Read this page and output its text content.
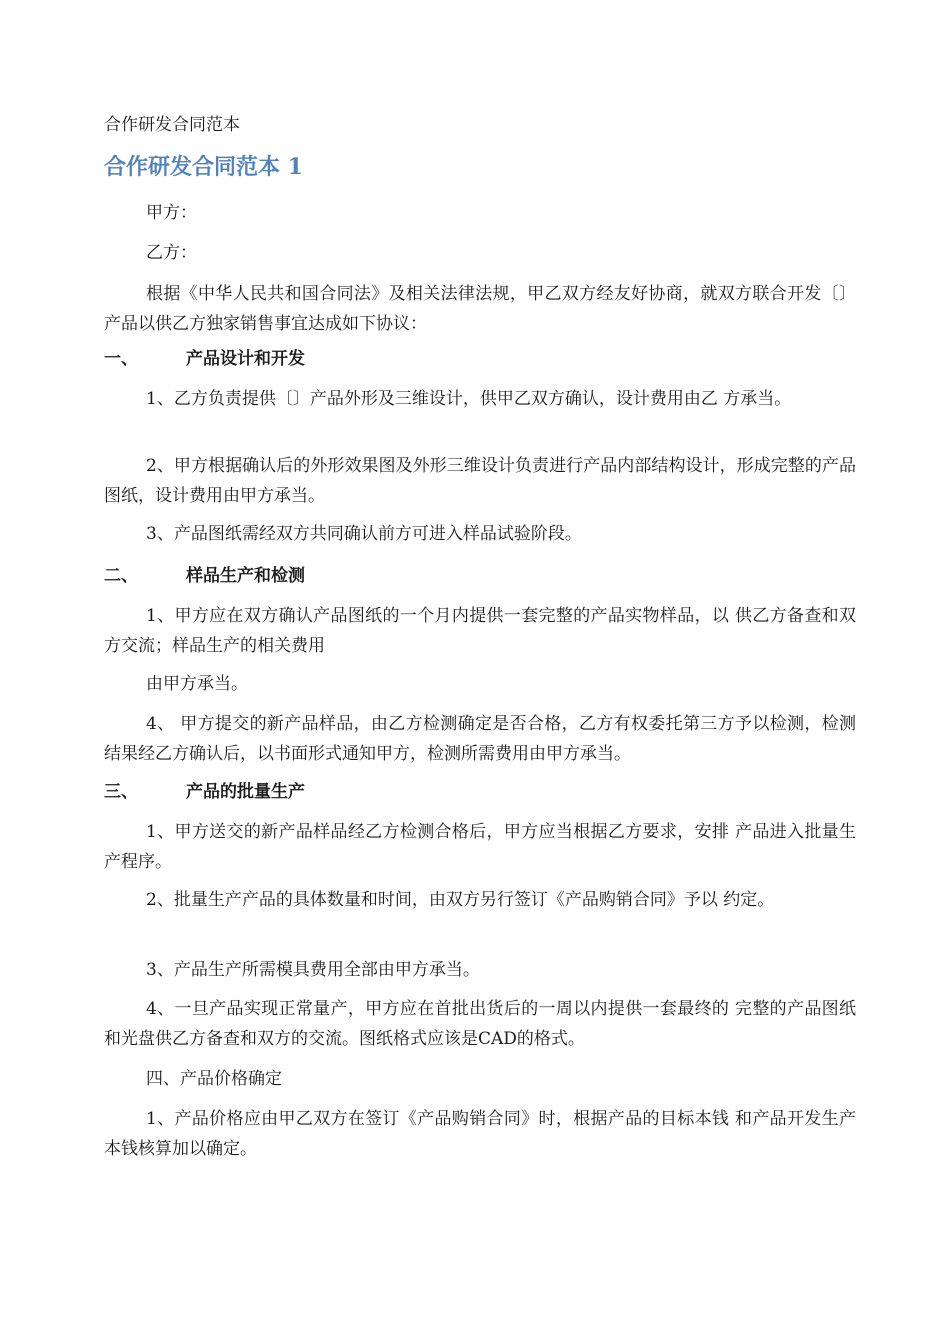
合作研发合同范本
合作研发合同范本 1

甲方：

乙方：

根据《中华人民共和国合同法》及相关法律法规，甲乙双方经友好协商，就双方联合开发〔〕产品以供乙方独家销售事宜达成如下协议：

一、	产品设计和开发

1、乙方负责提供〔〕产品外形及三维设计，供甲乙双方确认，设计费用由乙 方承当。

2、甲方根据确认后的外形效果图及外形三维设计负责进行产品内部结构设计，形成完整的产品图纸，设计费用由甲方承当。

3、产品图纸需经双方共同确认前方可进入样品试验阶段。

二、	样品生产和检测

1、甲方应在双方确认产品图纸的一个月内提供一套完整的产品实物样品，以 供乙方备查和双方交流；样品生产的相关费用

由甲方承当。

4、 甲方提交的新产品样品，由乙方检测确定是否合格，乙方有权委托第三方予以检测，检测结果经乙方确认后，以书面形式通知甲方，检测所需费用由甲方承当。

三、	产品的批量生产

1、甲方送交的新产品样品经乙方检测合格后，甲方应当根据乙方要求，安排 产品进入批量生产程序。

2、批量生产产品的具体数量和时间，由双方另行签订《产品购销合同》予以 约定。

3、产品生产所需模具费用全部由甲方承当。

4、一旦产品实现正常量产，甲方应在首批出货后的一周以内提供一套最终的 完整的产品图纸和光盘供乙方备查和双方的交流。图纸格式应该是CAD的格式。

四、产品价格确定

1、产品价格应由甲乙双方在签订《产品购销合同》时，根据产品的目标本钱 和产品开发生产本钱核算加以确定。
